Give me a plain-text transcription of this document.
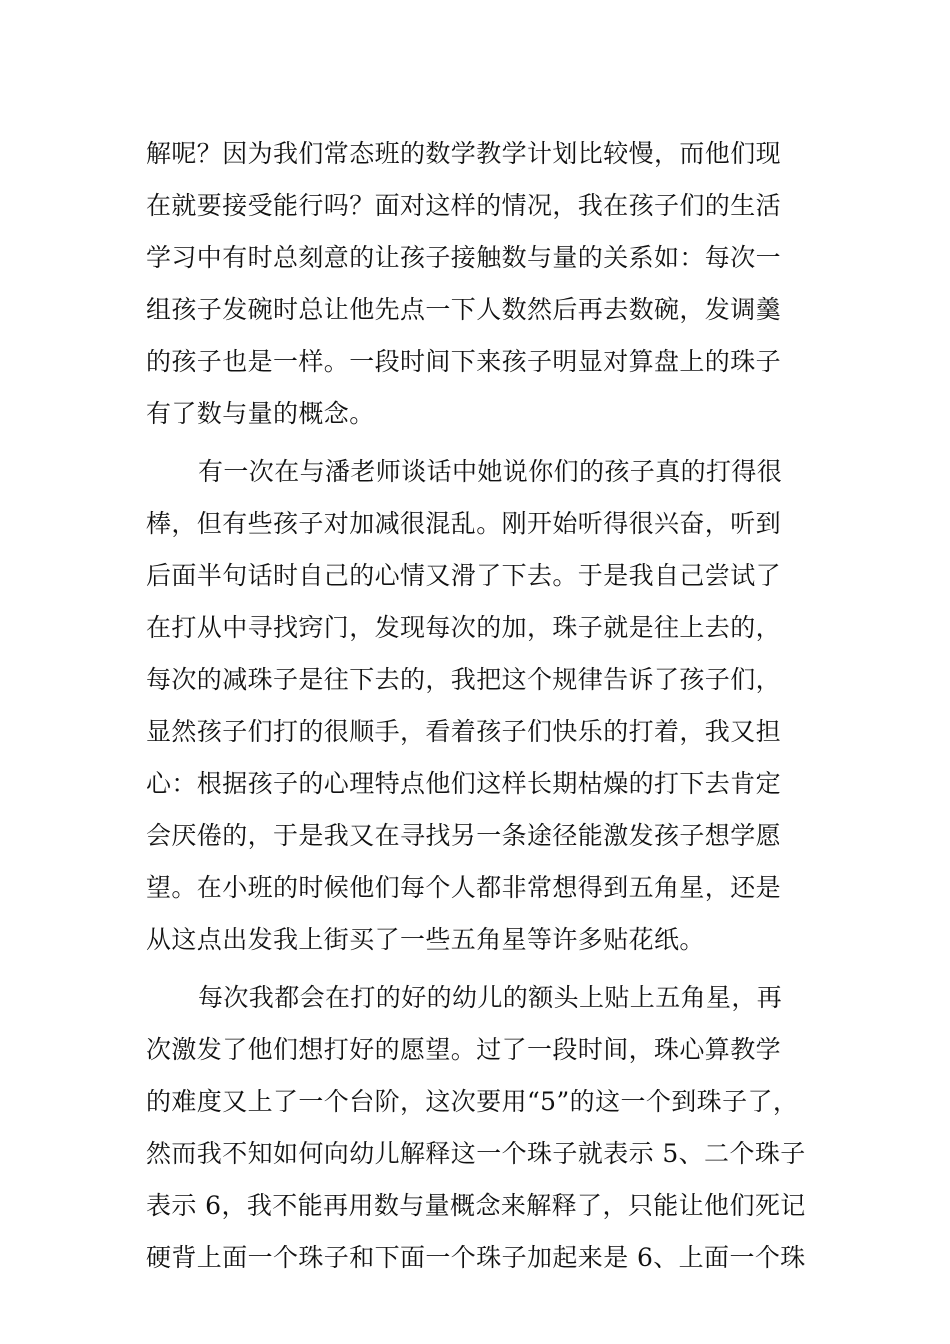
解呢？因为我们常态班的数学教学计划比较慢，而他们现
在就要接受能行吗？面对这样的情况，我在孩子们的生活
学习中有时总刻意的让孩子接触数与量的关系如：每次一
组孩子发碗时总让他先点一下人数然后再去数碗，发调羹
的孩子也是一样。一段时间下来孩子明显对算盘上的珠子
有了数与量的概念。
有一次在与潘老师谈话中她说你们的孩子真的打得很
棒，但有些孩子对加减很混乱。刚开始听得很兴奋，听到
后面半句话时自己的心情又滑了下去。于是我自己尝试了
在打从中寻找窍门，发现每次的加，珠子就是往上去的，
每次的减珠子是往下去的，我把这个规律告诉了孩子们，
显然孩子们打的很顺手，看着孩子们快乐的打着，我又担
心：根据孩子的心理特点他们这样长期枯燥的打下去肯定
会厌倦的，于是我又在寻找另一条途径能激发孩子想学愿
望。在小班的时候他们每个人都非常想得到五角星，还是
从这点出发我上街买了一些五角星等许多贴花纸。
每次我都会在打的好的幼儿的额头上贴上五角星，再
次激发了他们想打好的愿望。过了一段时间，珠心算教学
的难度又上了一个台阶，这次要用“5”的这一个到珠子了，
然而我不知如何向幼儿解释这一个珠子就表示 5、二个珠子
表示 6，我不能再用数与量概念来解释了，只能让他们死记
硬背上面一个珠子和下面一个珠子加起来是 6、上面一个珠
